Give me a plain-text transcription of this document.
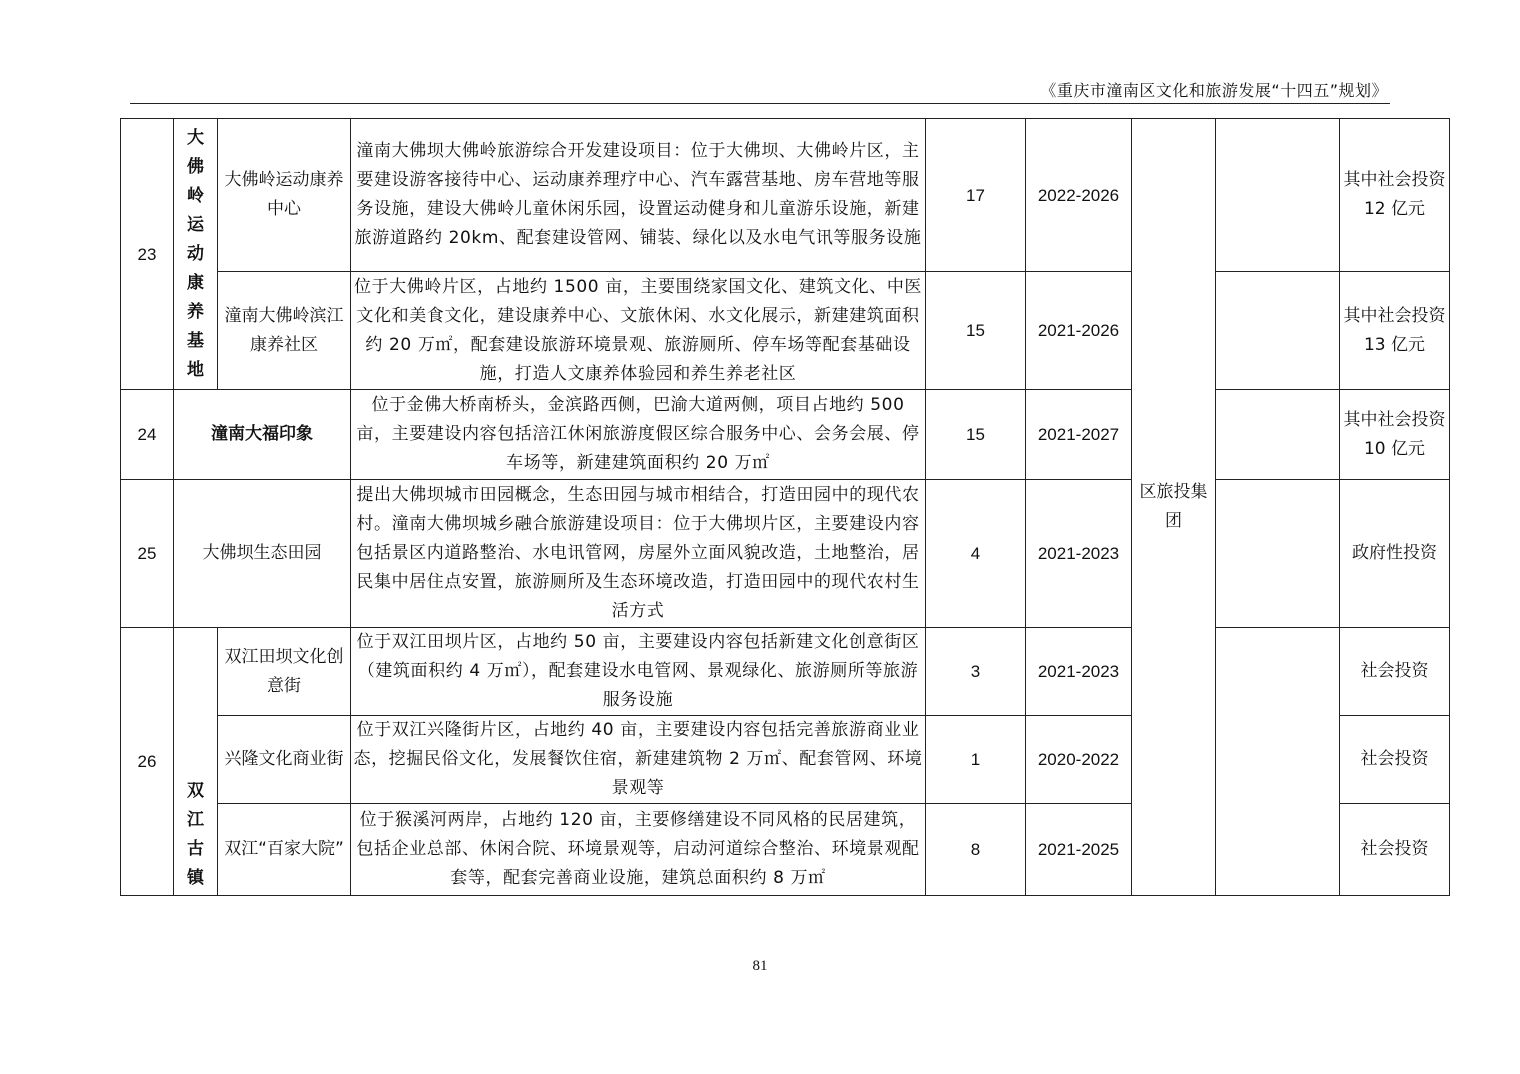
《重庆市潼南区文化和旅游发展“十四五”规划》
23	大佛岭运动康养基地	大佛岭运动康养中心	潼南大佛坝大佛岭旅游综合开发建设项目：位于大佛坝、大佛岭片区，主要建设游客接待中心、运动康养理疗中心、汽车露营基地、房车营地等服务设施，建设大佛岭儿童休闲乐园，设置运动健身和儿童游乐设施，新建旅游道路约 20km、配套建设管网、铺装、绿化以及水电气讯等服务设施	17	2022-2026	区旅投集团		其中社会投资 12 亿元
		潼南大佛岭滨江康养社区	位于大佛岭片区，占地约 1500 亩，主要围绕家国文化、建筑文化、中医文化和美食文化，建设康养中心、文旅休闲、水文化展示，新建建筑面积约 20 万㎡，配套建设旅游环境景观、旅游厕所、停车场等配套基础设施，打造人文康养体验园和养生养老社区	15	2021-2026			其中社会投资 13 亿元
24	潼南大福印象		位于金佛大桥南桥头，金滨路西侧，巴渝大道两侧，项目占地约 500 亩，主要建设内容包括涪江休闲旅游度假区综合服务中心、会务会展、停车场等，新建建筑面积约 20 万㎡	15	2021-2027			其中社会投资 10 亿元
25	大佛坝生态田园		提出大佛坝城市田园概念，生态田园与城市相结合，打造田园中的现代农村。潼南大佛坝城乡融合旅游建设项目：位于大佛坝片区，主要建设内容包括景区内道路整治、水电讯管网，房屋外立面风貌改造，土地整治，居民集中居住点安置，旅游厕所及生态环境改造，打造田园中的现代农村生活方式	4	2021-2023			政府性投资
26	双江古镇	双江田坝文化创意街	位于双江田坝片区，占地约 50 亩，主要建设内容包括新建文化创意街区（建筑面积约 4 万㎡），配套建设水电管网、景观绿化、旅游厕所等旅游服务设施	3	2021-2023			社会投资
		兴隆文化商业街	位于双江兴隆街片区，占地约 40 亩，主要建设内容包括完善旅游商业业态，挖掘民俗文化，发展餐饮住宿，新建建筑物 2 万㎡、配套管网、环境景观等	1	2020-2022			社会投资
		双江“百家大院”	位于猴溪河两岸，占地约 120 亩，主要修缮建设不同风格的民居建筑，包括企业总部、休闲合院、环境景观等，启动河道综合整治、环境景观配套等，配套完善商业设施，建筑总面积约 8 万㎡	8	2021-2025			社会投资
81
